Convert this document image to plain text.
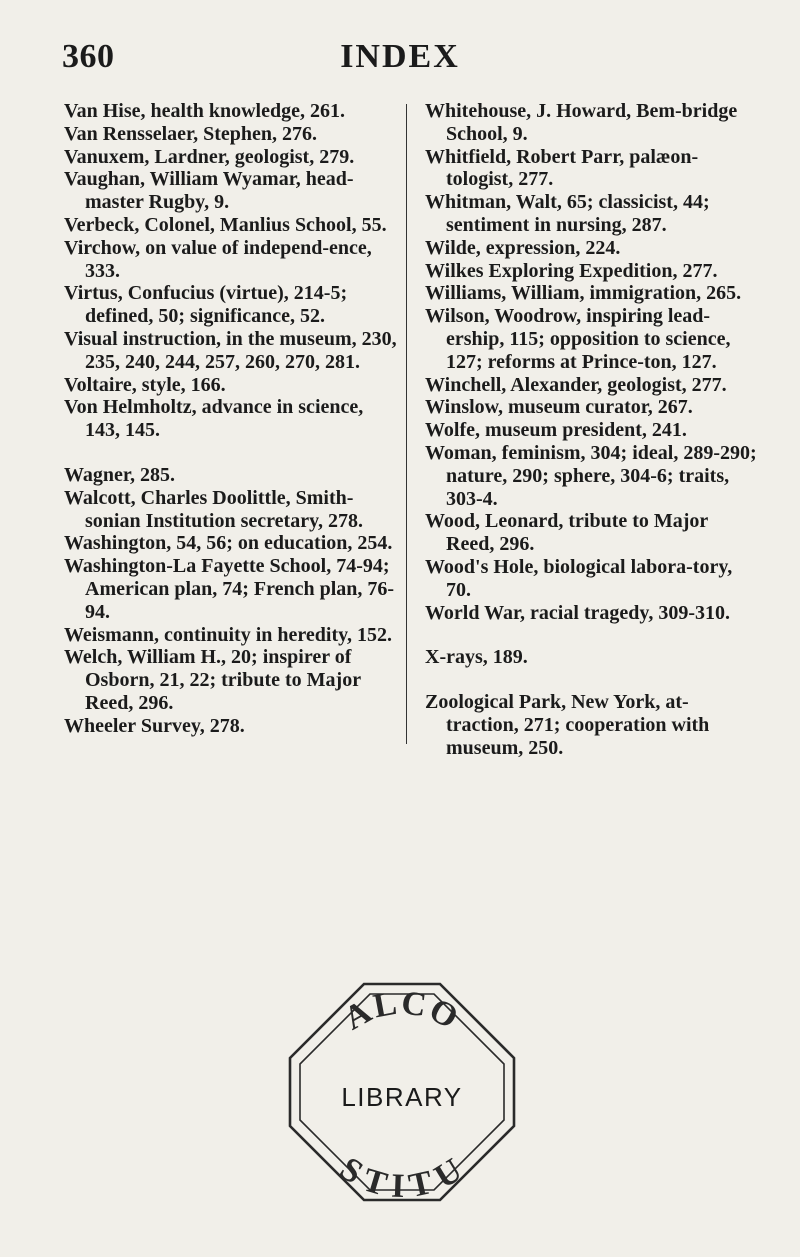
360	INDEX

Van Hise, health knowledge, 261.

Van Rensselaer, Stephen, 276.

Vanuxem, Lardner, geologist, 279.

Vaughan, William Wyamar, head-master Rugby, 9.

Verbeck, Colonel, Manlius School, 55.

Virchow, on value of independ-ence, 333.

Virtus, Confucius (virtue), 214-5; defined, 50; significance, 52.

Visual instruction, in the museum, 230, 235, 240, 244, 257, 260, 270, 281.

Voltaire, style, 166.

Von Helmholtz, advance in science, 143, 145.

Wagner, 285.

Walcott, Charles Doolittle, Smith-sonian Institution secretary, 278.

Washington, 54, 56; on education, 254.

Washington-La Fayette School, 74-94; American plan, 74; French plan, 76-94.

Weismann, continuity in heredity, 152.

Welch, William H., 20; inspirer of Osborn, 21, 22; tribute to Major Reed, 296.

Wheeler Survey, 278.

Whitehouse, J. Howard, Bem-bridge School, 9.

Whitfield, Robert Parr, palæon-tologist, 277.

Whitman, Walt, 65; classicist, 44; sentiment in nursing, 287.

Wilde, expression, 224.

Wilkes Exploring Expedition, 277.

Williams, William, immigration, 265.

Wilson, Woodrow, inspiring lead-ership, 115; opposition to science, 127; reforms at Prince-ton, 127.

Winchell, Alexander, geologist, 277.

Winslow, museum curator, 267.

Wolfe, museum president, 241.

Woman, feminism, 304; ideal, 289-290; nature, 290; sphere, 304-6; traits, 303-4.

Wood, Leonard, tribute to Major Reed, 296.

Wood's Hole, biological labora-tory, 70.

World War, racial tragedy, 309-310.

X-rays, 189.

Zoological Park, New York, at-traction, 271; cooperation with museum, 250.

ALCO
STITU
LIBRARY
